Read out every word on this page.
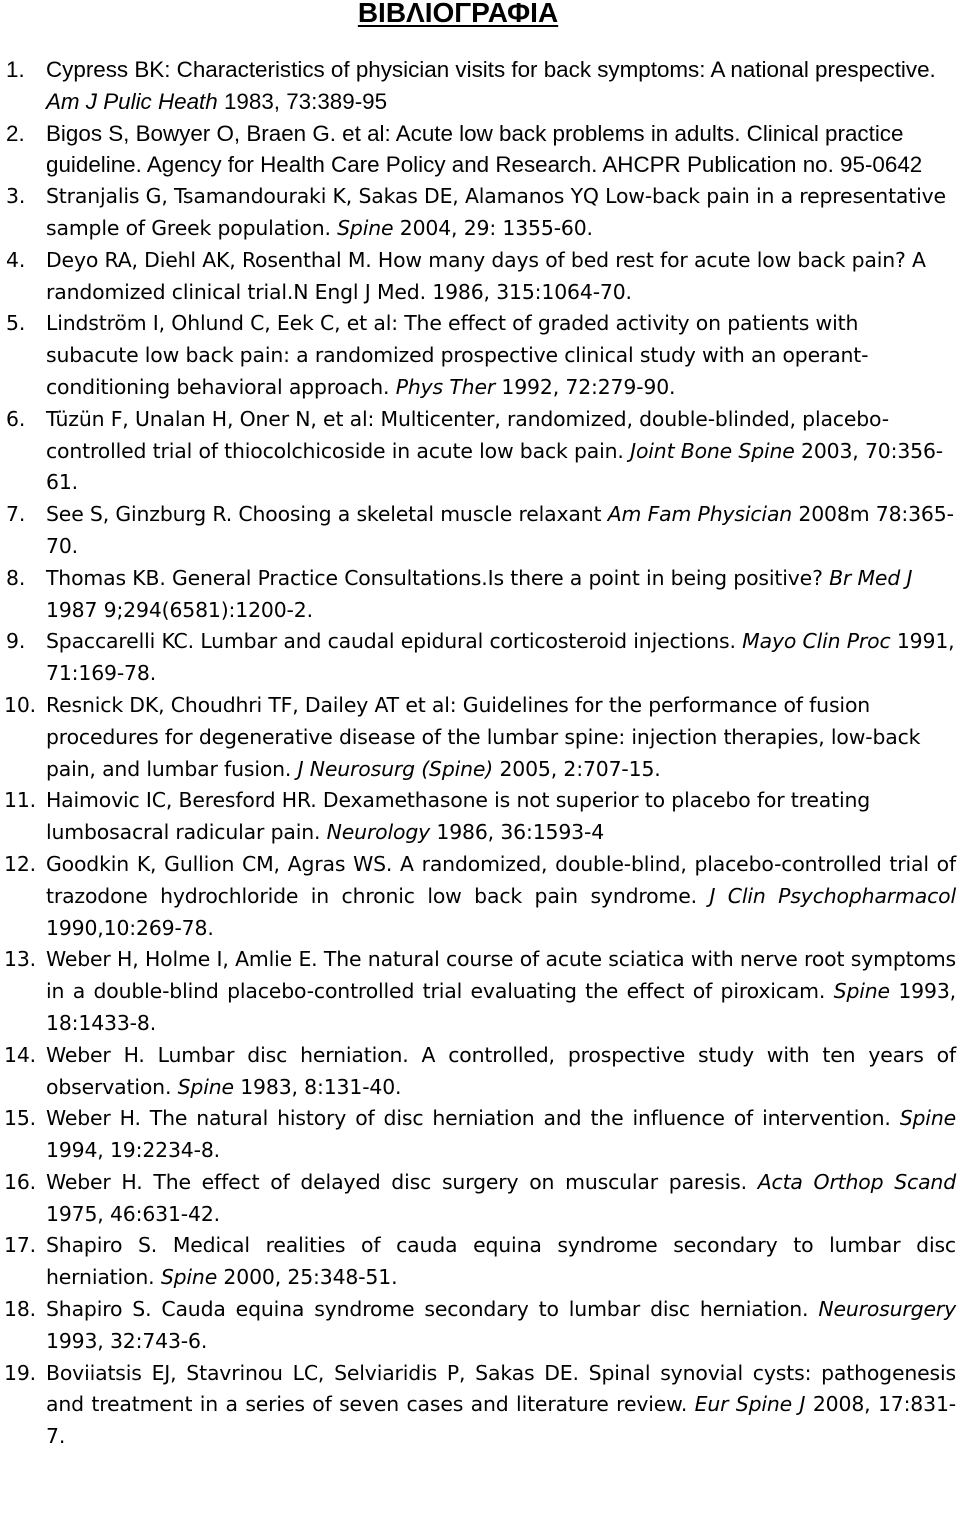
ΒΙΒΛΙΟΓΡΑΦΙΑ
1. Cypress BK: Characteristics of physician visits for back symptoms: A national prespective. Am J Pulic Heath 1983, 73:389-95
2. Bigos S, Bowyer O, Braen G. et al: Acute low back problems in adults. Clinical practice guideline. Agency for Health Care Policy and Research. AHCPR Publication no. 95-0642
3. Stranjalis G, Tsamandouraki K, Sakas DE, Alamanos YQ Low-back pain in a representative sample of Greek population. Spine 2004, 29: 1355-60.
4. Deyo RA, Diehl AK, Rosenthal M. How many days of bed rest for acute low back pain? A randomized clinical trial.N Engl J Med. 1986, 315:1064-70.
5. Lindström I, Ohlund C, Eek C, et al: The effect of graded activity on patients with subacute low back pain: a randomized prospective clinical study with an operant-conditioning behavioral approach. Phys Ther 1992, 72:279-90.
6. Tüzün F, Unalan H, Oner N, et al: Multicenter, randomized, double-blinded, placebo-controlled trial of thiocolchicoside in acute low back pain. Joint Bone Spine 2003, 70:356-61.
7. See S, Ginzburg R. Choosing a skeletal muscle relaxant Am Fam Physician 2008m 78:365-70.
8. Thomas KB. General Practice Consultations.Is there a point in being positive? Br Med J 1987 9;294(6581):1200-2.
9. Spaccarelli KC. Lumbar and caudal epidural corticosteroid injections. Mayo Clin Proc 1991, 71:169-78.
10. Resnick DK, Choudhri TF, Dailey AT et al: Guidelines for the performance of fusion procedures for degenerative disease of the lumbar spine: injection therapies, low-back pain, and lumbar fusion. J Neurosurg (Spine) 2005, 2:707-15.
11. Haimovic IC, Beresford HR. Dexamethasone is not superior to placebo for treating lumbosacral radicular pain. Neurology 1986, 36:1593-4
12. Goodkin K, Gullion CM, Agras WS. A randomized, double-blind, placebo-controlled trial of trazodone hydrochloride in chronic low back pain syndrome. J Clin Psychopharmacol 1990,10:269-78.
13. Weber H, Holme I, Amlie E. The natural course of acute sciatica with nerve root symptoms in a double-blind placebo-controlled trial evaluating the effect of piroxicam. Spine 1993, 18:1433-8.
14. Weber H. Lumbar disc herniation. A controlled, prospective study with ten years of observation. Spine 1983, 8:131-40.
15. Weber H. The natural history of disc herniation and the influence of intervention. Spine 1994, 19:2234-8.
16. Weber H. The effect of delayed disc surgery on muscular paresis. Acta Orthop Scand 1975, 46:631-42.
17. Shapiro S. Medical realities of cauda equina syndrome secondary to lumbar disc herniation. Spine 2000, 25:348-51.
18. Shapiro S. Cauda equina syndrome secondary to lumbar disc herniation. Neurosurgery 1993, 32:743-6.
19. Boviiatsis EJ, Stavrinou LC, Selviaridis P, Sakas DE. Spinal synovial cysts: pathogenesis and treatment in a series of seven cases and literature review. Eur Spine J 2008, 17:831-7.
